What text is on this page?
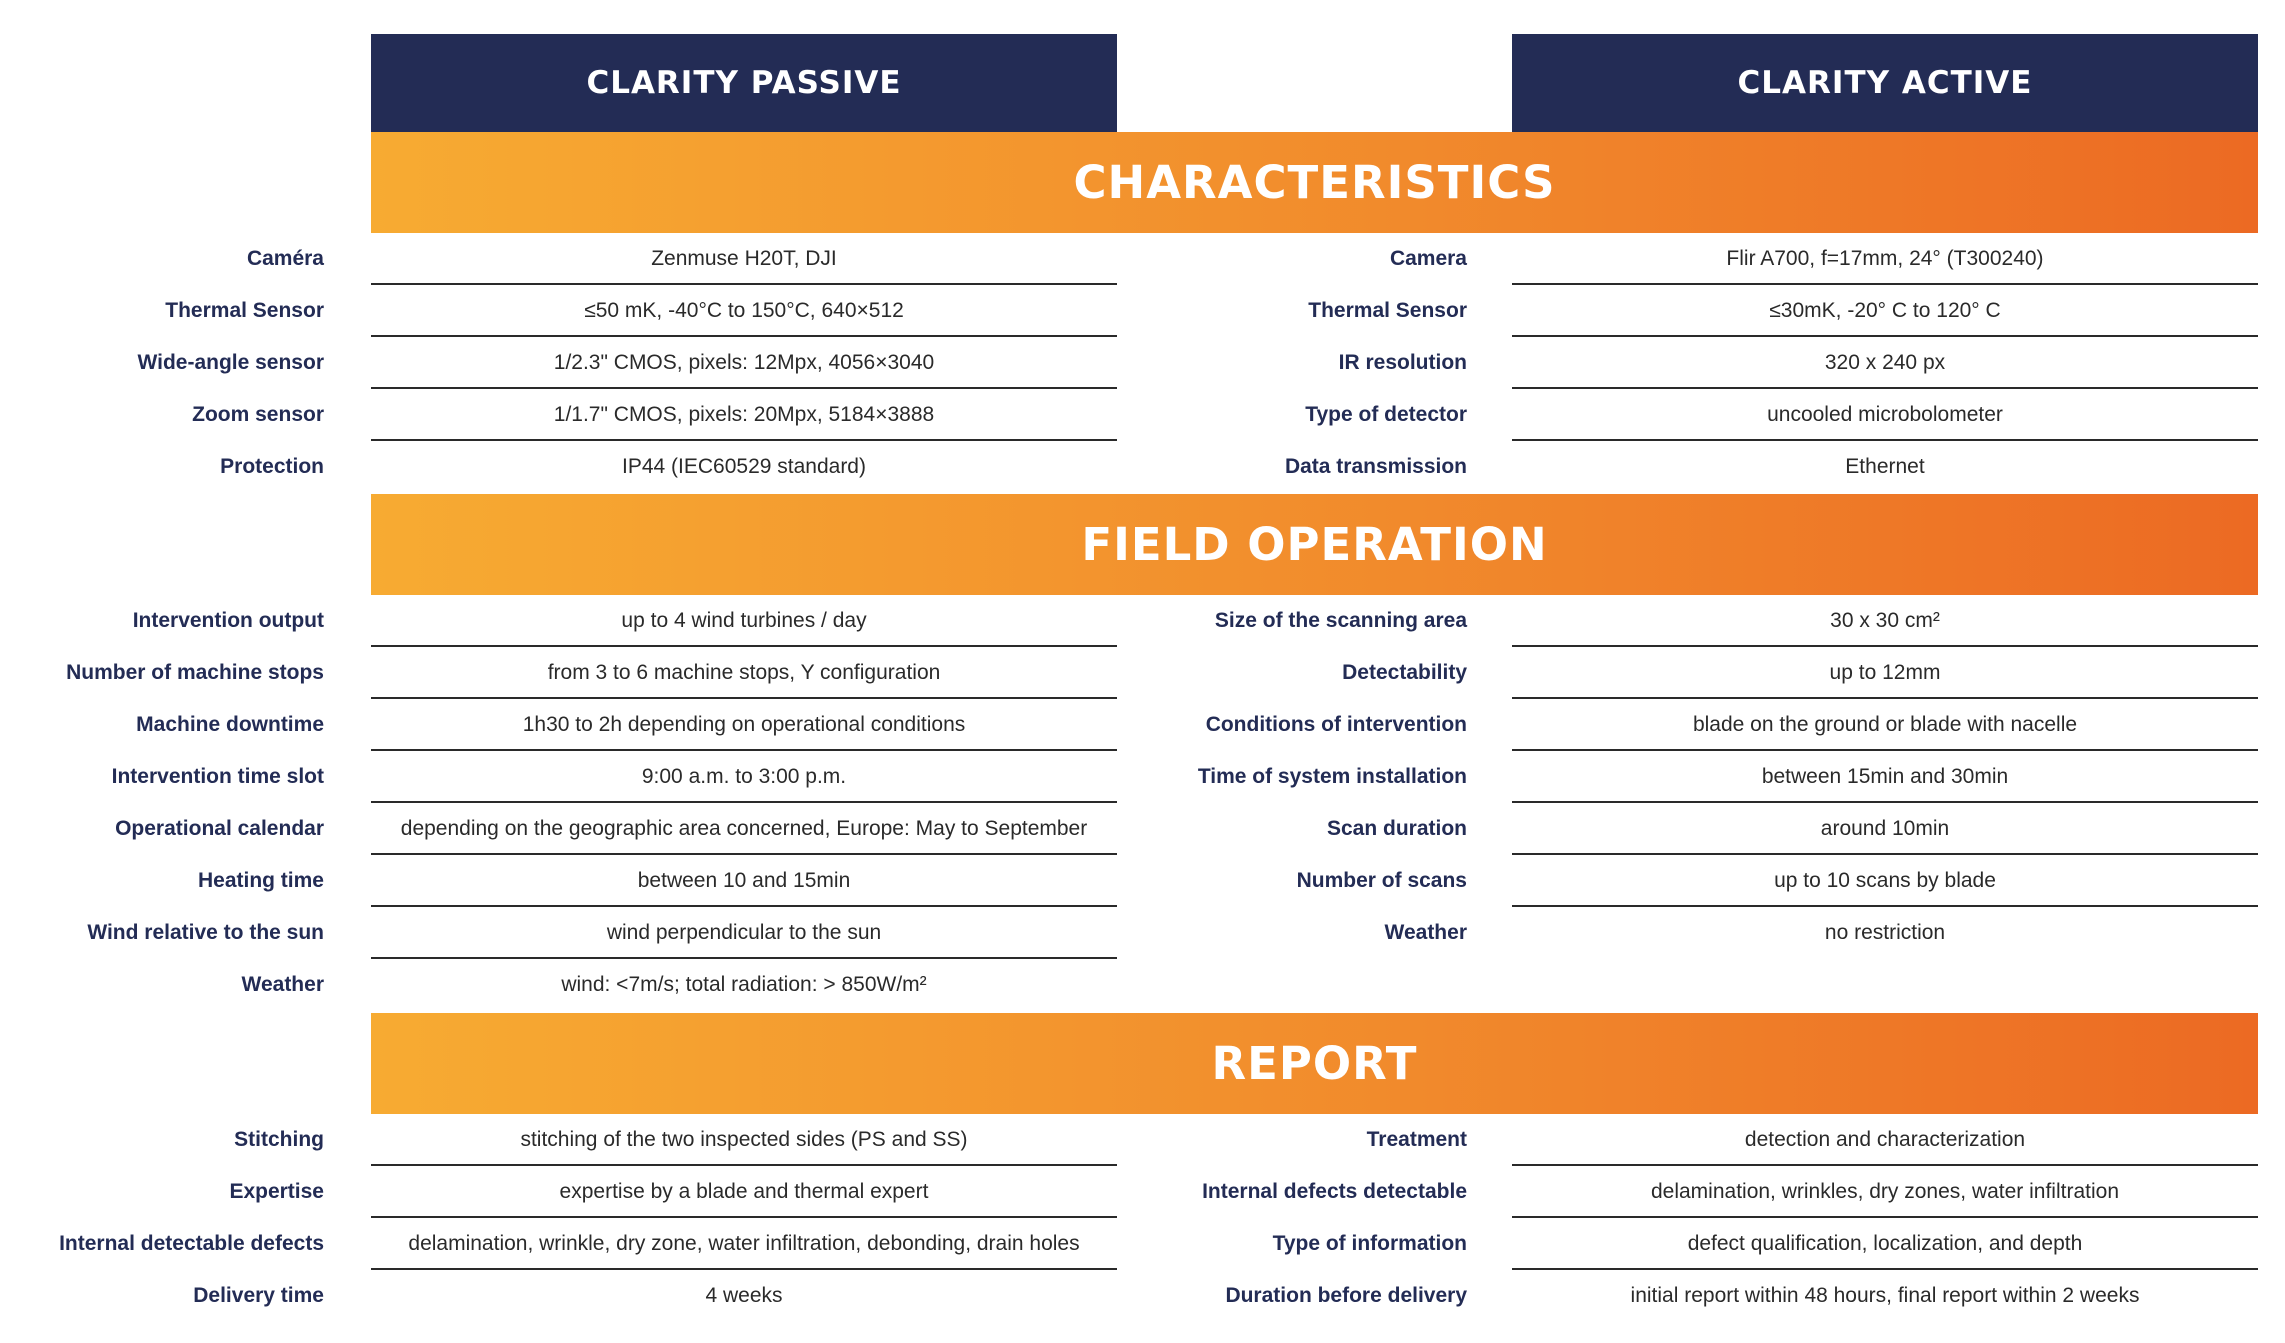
CLARITY PASSIVE	CLARITY ACTIVE
CHARACTERISTICS
FIELD OPERATION
REPORT
Caméra	Zenmuse H20T, DJI
Thermal Sensor	≤50 mK, -40°C to 150°C, 640×512
Wide-angle sensor	1/2.3" CMOS, pixels: 12Mpx, 4056×3040
Zoom sensor	1/1.7" CMOS, pixels: 20Mpx, 5184×3888
Protection	IP44 (IEC60529 standard)
Camera	Flir A700, f=17mm, 24° (T300240)
Thermal Sensor	≤30mK, -20° C to 120° C
IR resolution	320 x 240 px
Type of detector	uncooled microbolometer
Data transmission	Ethernet
Intervention output	up to 4 wind turbines / day
Number of machine stops	from 3 to 6 machine stops, Y configuration
Machine downtime	1h30 to 2h depending on operational conditions
Intervention time slot	9:00 a.m. to 3:00 p.m.
Operational calendar	depending on the geographic area concerned, Europe: May to September
Heating time	between 10 and 15min
Wind relative to the sun	wind perpendicular to the sun
Weather	wind: <7m/s; total radiation: > 850W/m²
Size of the scanning area	30 x 30 cm²
Detectability	up to 12mm
Conditions of intervention	blade on the ground or blade with nacelle
Time of system installation	between 15min and 30min
Scan duration	around 10min
Number of scans	up to 10 scans by blade
Weather	no restriction
Stitching	stitching of the two inspected sides (PS and SS)
Expertise	expertise by a blade and thermal expert
Internal detectable defects	delamination, wrinkle, dry zone, water infiltration, debonding, drain holes
Delivery time	4 weeks
Treatment	detection and characterization
Internal defects detectable	delamination, wrinkles, dry zones, water infiltration
Type of information	defect qualification, localization, and depth
Duration before delivery	initial report within 48 hours, final report within 2 weeks
